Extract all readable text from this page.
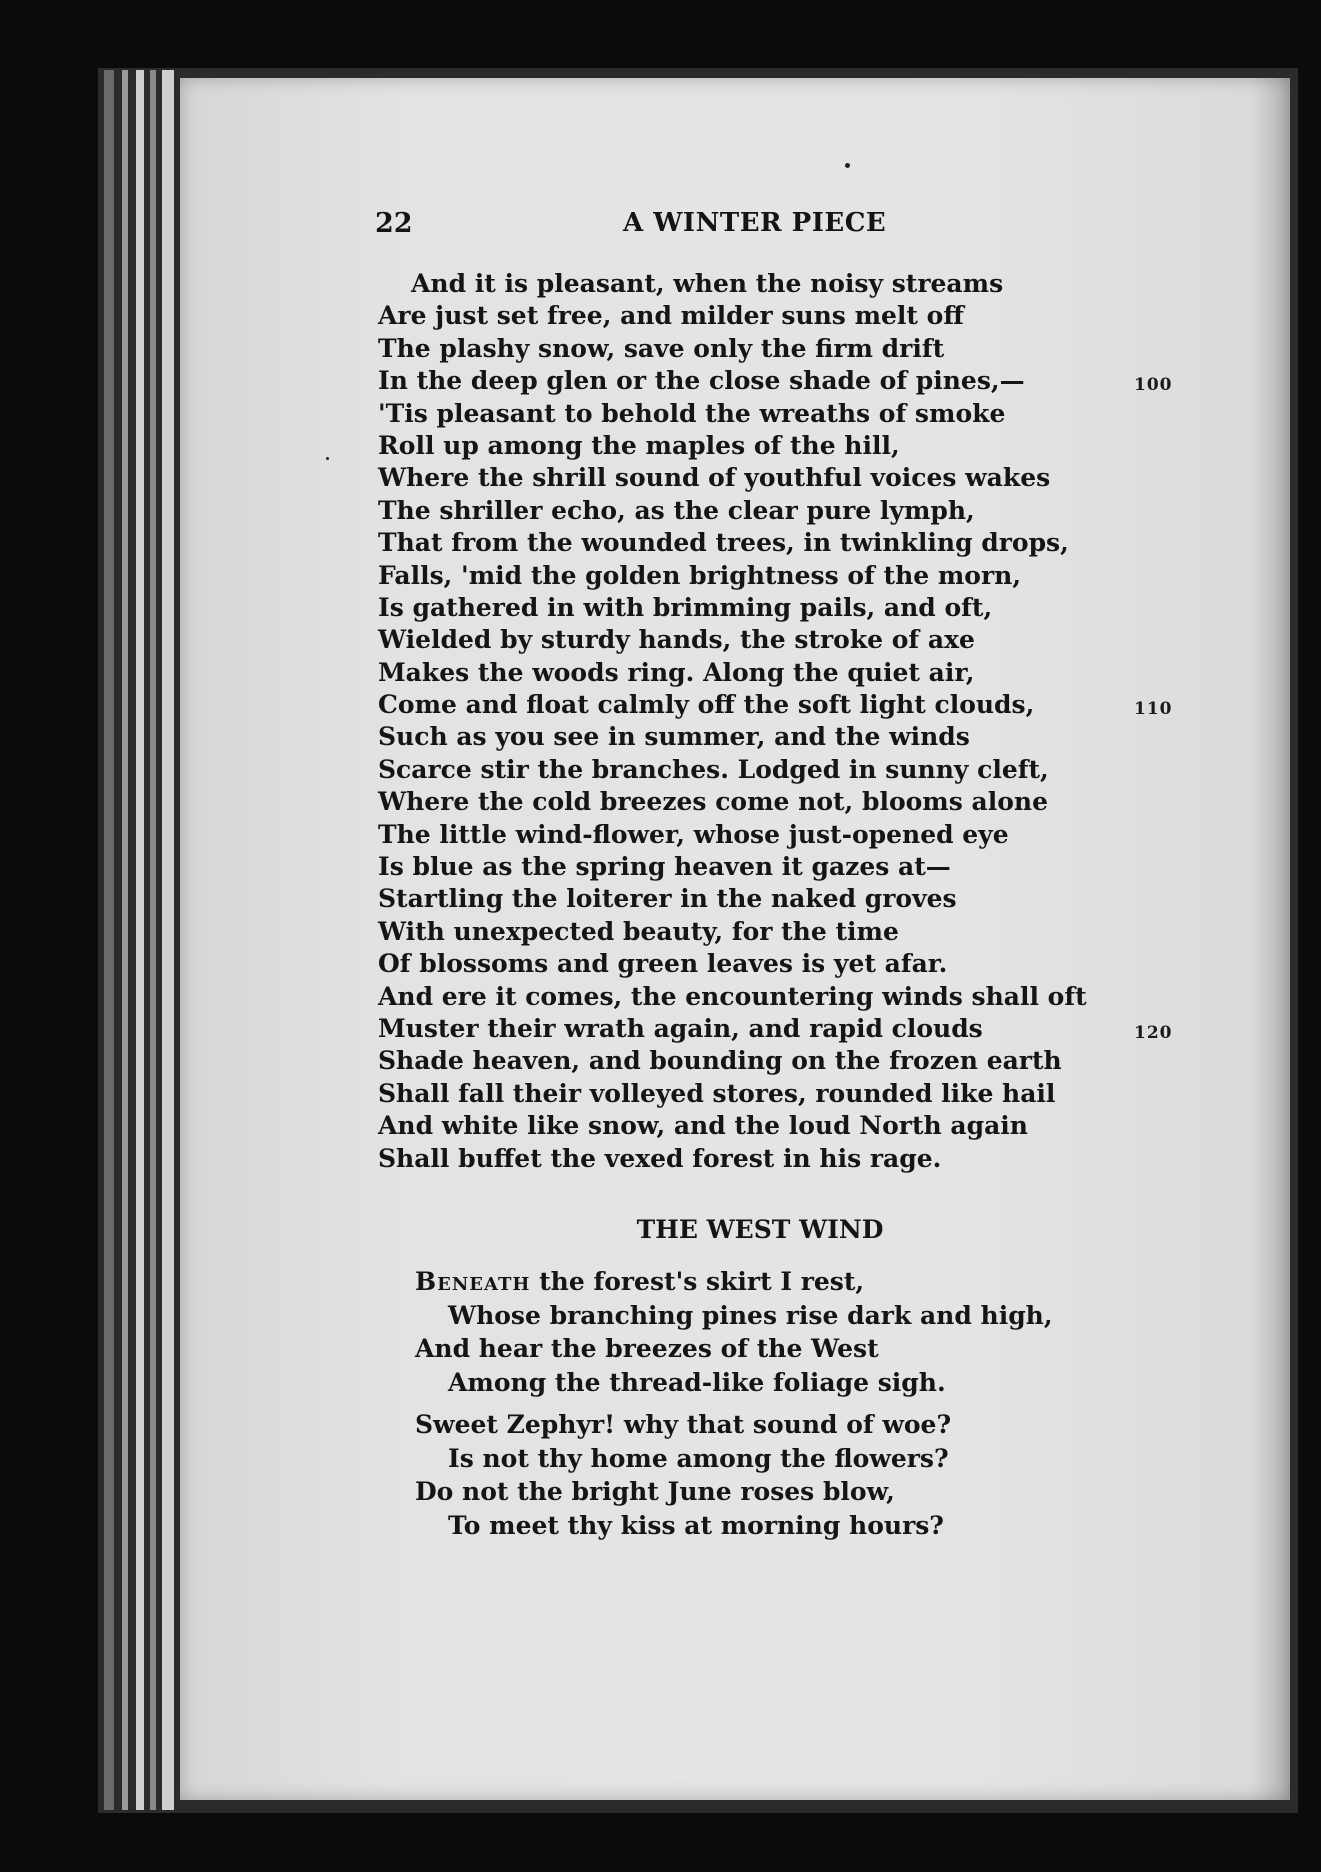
22	A WINTER PIECE
And it is pleasant, when the noisy streams
Are just set free, and milder suns melt off
The plashy snow, save only the firm drift
In the deep glen or the close shade of pines,—
'Tis pleasant to behold the wreaths of smoke
Roll up among the maples of the hill,
Where the shrill sound of youthful voices wakes
The shriller echo, as the clear pure lymph,
That from the wounded trees, in twinkling drops,
Falls, 'mid the golden brightness of the morn,
Is gathered in with brimming pails, and oft,
Wielded by sturdy hands, the stroke of axe
Makes the woods ring. Along the quiet air,
Come and float calmly off the soft light clouds,
Such as you see in summer, and the winds
Scarce stir the branches. Lodged in sunny cleft,
Where the cold breezes come not, blooms alone
The little wind-flower, whose just-opened eye
Is blue as the spring heaven it gazes at—
Startling the loiterer in the naked groves
With unexpected beauty, for the time
Of blossoms and green leaves is yet afar.
And ere it comes, the encountering winds shall oft
Muster their wrath again, and rapid clouds
Shade heaven, and bounding on the frozen earth
Shall fall their volleyed stores, rounded like hail
And white like snow, and the loud North again
Shall buffet the vexed forest in his rage.
100
110
120
THE WEST WIND
Beneath the forest's skirt I rest,
Whose branching pines rise dark and high,
And hear the breezes of the West
Among the thread-like foliage sigh.
Sweet Zephyr! why that sound of woe?
Is not thy home among the flowers?
Do not the bright June roses blow,
To meet thy kiss at morning hours?
